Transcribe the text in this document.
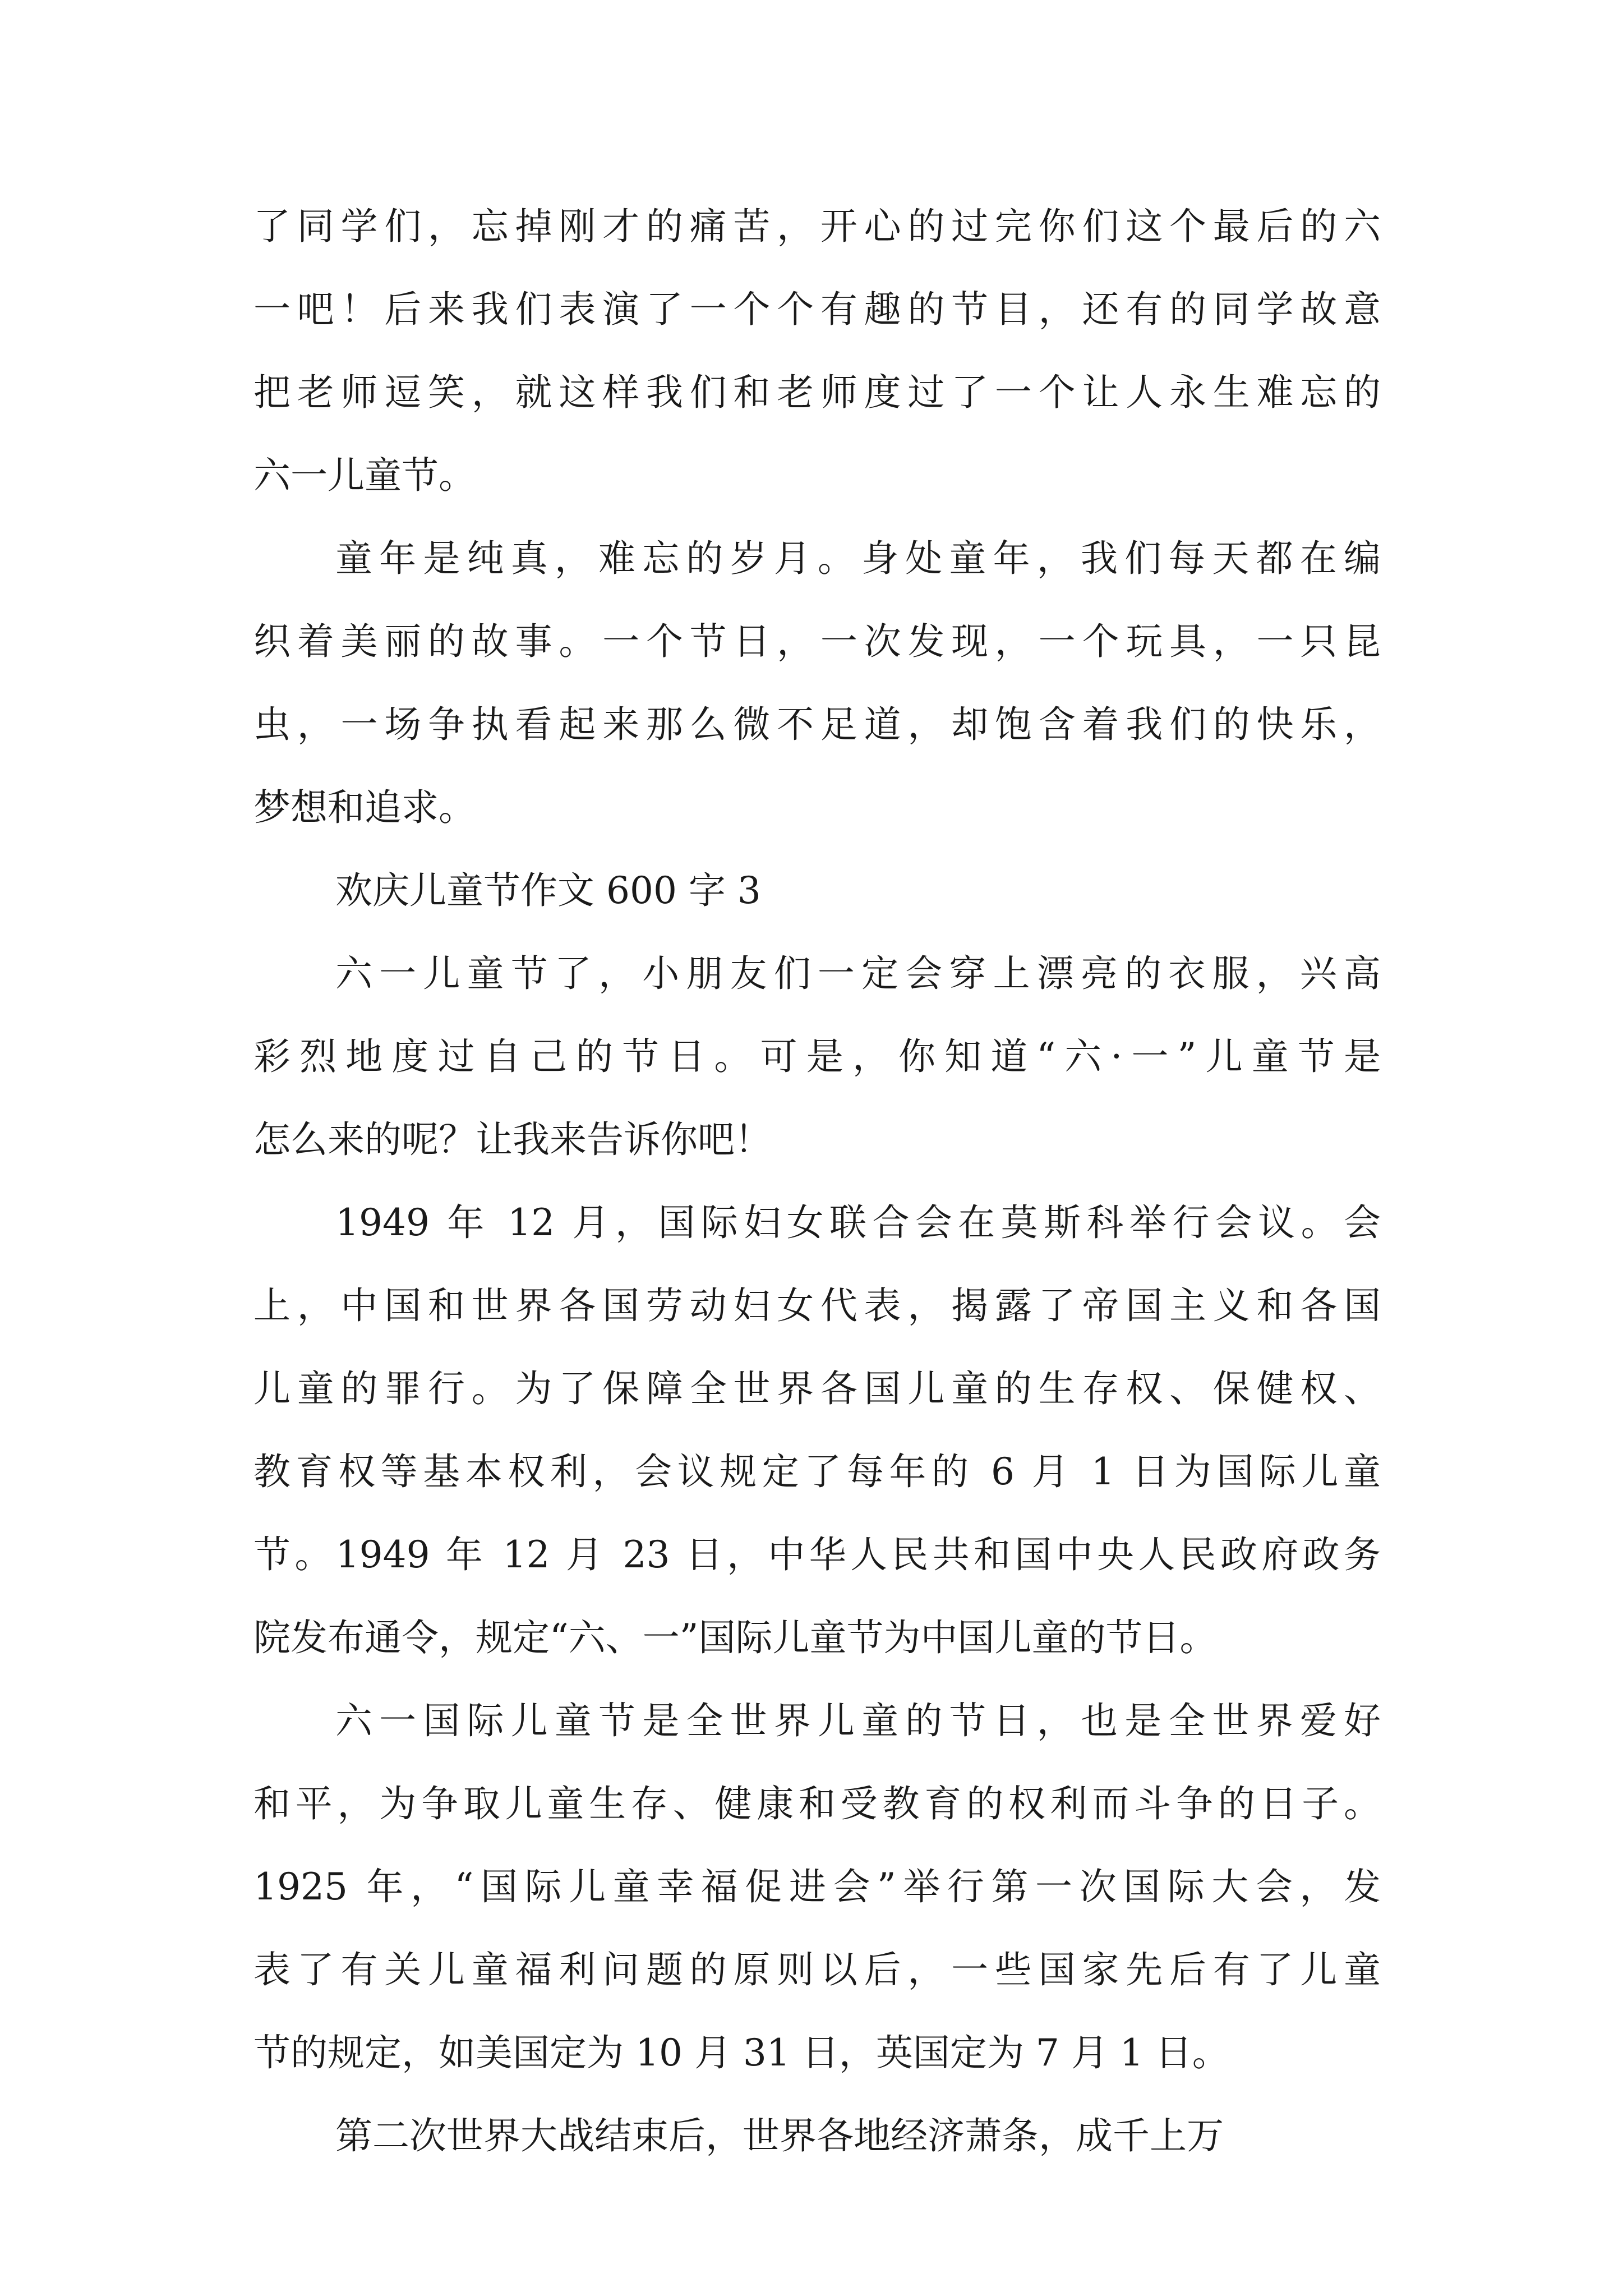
了同学们，忘掉刚才的痛苦，开心的过完你们这个最后的六
一吧！后来我们表演了一个个有趣的节目，还有的同学故意
把老师逗笑，就这样我们和老师度过了一个让人永生难忘的
六一儿童节。
童年是纯真，难忘的岁月。身处童年，我们每天都在编
织着美丽的故事。一个节日，一次发现，一个玩具，一只昆
虫，一场争执看起来那么微不足道，却饱含着我们的快乐，
梦想和追求。
欢庆儿童节作文 600 字 3
六一儿童节了，小朋友们一定会穿上漂亮的衣服，兴高
彩烈地度过自己的节日。可是，你知道“六·一”儿童节是
怎么来的呢？让我来告诉你吧！
1949 年 12 月，国际妇女联合会在莫斯科举行会议。会
上，中国和世界各国劳动妇女代表，揭露了帝国主义和各国
儿童的罪行。为了保障全世界各国儿童的生存权、保健权、
教育权等基本权利，会议规定了每年的 6 月 1 日为国际儿童
节。1949 年 12 月 23 日，中华人民共和国中央人民政府政务
院发布通令，规定“六、一”国际儿童节为中国儿童的节日。
六一国际儿童节是全世界儿童的节日，也是全世界爱好
和平，为争取儿童生存、健康和受教育的权利而斗争的日子。
1925 年，“国际儿童幸福促进会”举行第一次国际大会，发
表了有关儿童福利问题的原则以后，一些国家先后有了儿童
节的规定，如美国定为 10 月 31 日，英国定为 7 月 1 日。
第二次世界大战结束后，世界各地经济萧条，成千上万
